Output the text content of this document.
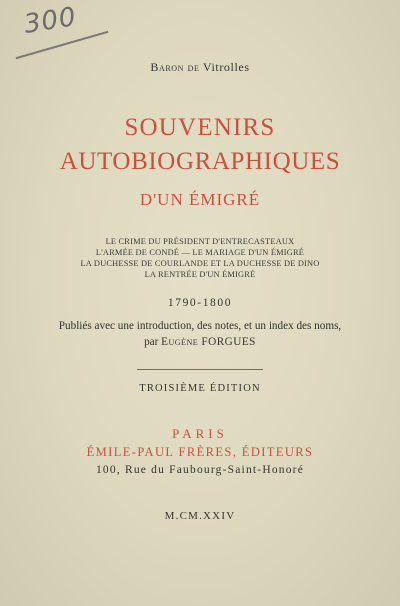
300
Baron de Vitrolles
SOUVENIRS
AUTOBIOGRAPHIQUES
D'UN ÉMIGRÉ
LE CRIME DU PRÉSIDENT D'ENTRECASTEAUX
L'ARMÉE DE CONDÉ — LE MARIAGE D'UN ÉMIGRÉ
LA DUCHESSE DE COURLANDE ET LA DUCHESSE DE DINO
LA RENTRÉE D'UN ÉMIGRÉ
1790-1800
Publiés avec une introduction, des notes, et un index des noms,
par Eugène FORGUES
TROISIÈME ÉDITION
PARIS
ÉMILE-PAUL FRÈRES, ÉDITEURS
100, Rue du Faubourg-Saint-Honoré
M.CM.XXIV
